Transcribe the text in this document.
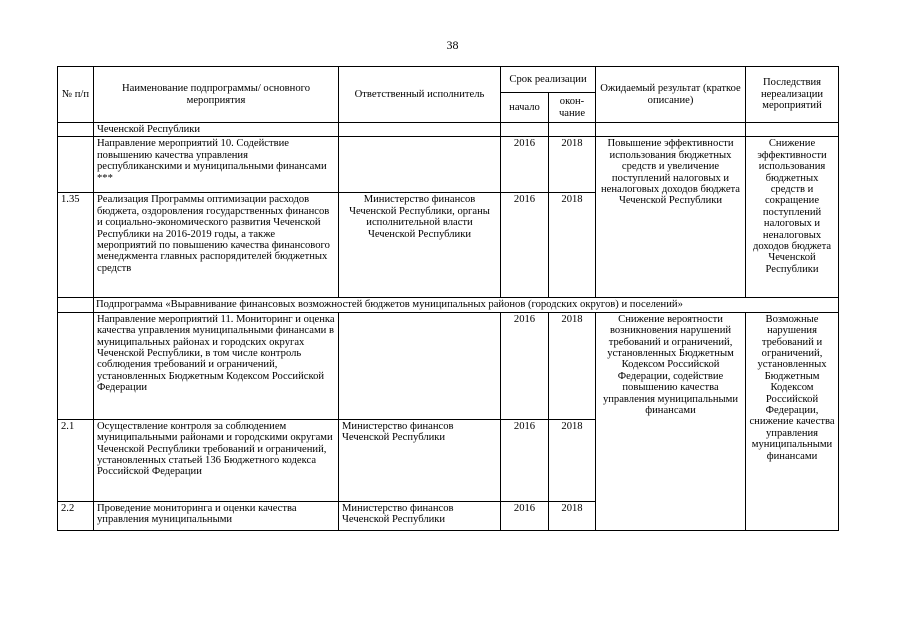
38
№ п/п	Наименование подпрограммы/ основного мероприятия	Ответственный исполнитель	Срок реализации		Ожидаемый результат (краткое описание)	Последствия нереализации мероприятий
			начало	окон-чание		
	Чеченской Республики					
	Направление мероприятий 10. Содействие повышению качества управления республиканскими и муниципальными финансами ***		2016	2018	Повышение эффективности использования бюджетных средств и увеличение поступлений налоговых и неналоговых доходов бюджета Чеченской Республики	Снижение эффективности использования бюджетных средств и сокращение поступлений налоговых и неналоговых доходов бюджета Чеченской Республики
1.35	Реализация Программы оптимизации расходов бюджета, оздоровления государственных финансов и социально-экономического развития Чеченской Республики на 2016-2019 годы, а также мероприятий по повышению качества финансового менеджмента главных распорядителей бюджетных средств	Министерство финансов Чеченской Республики, органы исполнительной власти Чеченской Республики	2016	2018		
	Подпрограмма «Выравнивание финансовых возможностей бюджетов муниципальных районов (городских округов) и поселений»					
	Направление мероприятий 11. Мониторинг и оценка качества управления муниципальными финансами в муниципальных районах и городских округах Чеченской Республики, в том числе контроль соблюдения требований и ограничений, установленных Бюджетным Кодексом Российской Федерации		2016	2018	Снижение вероятности возникновения нарушений требований и ограничений, установленных Бюджетным Кодексом Российской Федерации, содействие повышению качества управления муниципальными финансами	Возможные нарушения требований и ограничений, установленных Бюджетным Кодексом Российской Федерации, снижение качества управления муниципальными финансами
2.1	Осуществление контроля за соблюдением муниципальными районами и городскими округами Чеченской Республики требований и ограничений, установленных статьей 136 Бюджетного кодекса Российской Федерации	Министерство финансов Чеченской Республики	2016	2018		
2.2	Проведение мониторинга и оценки качества управления муниципальными	Министерство финансов Чеченской Республики	2016	2018		
